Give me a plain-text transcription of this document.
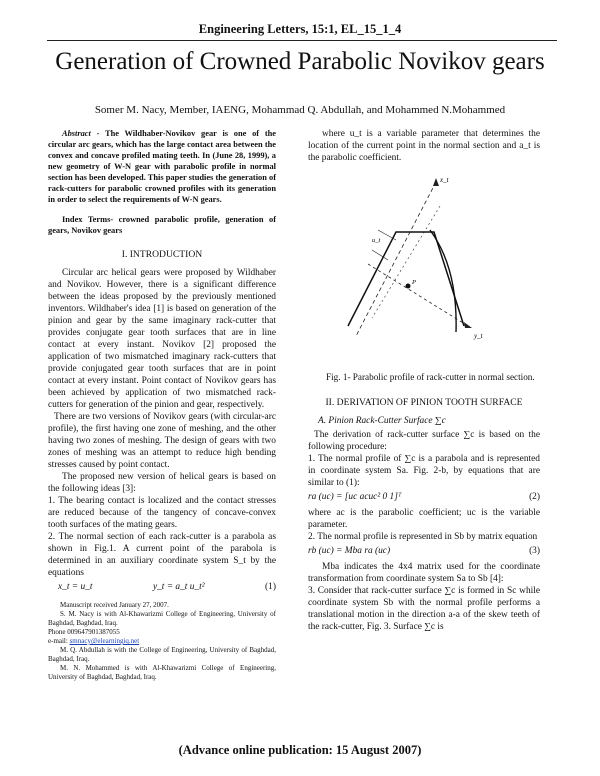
Engineering Letters, 15:1, EL_15_1_4
Generation of Crowned Parabolic Novikov gears
Somer M. Nacy, Member, IAENG, Mohammad Q. Abdullah, and Mohammed N.Mohammed

Abstract - The Wildhaber-Novikov gear is one of the circular arc gears, which has the large contact area between the convex and concave profiled mating teeth. In (June 28, 1999), a new geometry of W-N gear with parabolic profile in normal section has been developed. This paper studies the generation of rack-cutters for parabolic crowned profiles with its generation in order to select the requirements of W-N gears.

Index Terms- crowned parabolic profile, generation of gears, Novikov gears

I. INTRODUCTION

Circular arc helical gears were proposed by Wildhaber and Novikov. However, there is a significant difference between the ideas proposed by the previously mentioned inventors. Wildhaber's idea [1] is based on generation of the pinion and gear by the same imaginary rack-cutter that provides conjugate gear tooth surfaces that are in line contact at every instant. Novikov [2] proposed the application of two mismatched imaginary rack-cutters that provide conjugated gear tooth surfaces that are in point contact at every instant. Point contact of Novikov gears has been achieved by application of two mismatched rack-cutters for generation of the pinion and gear, respectively.

There are two versions of Novikov gears (with circular-arc profile), the first having one zone of meshing, and the other having two zones of meshing. The design of gears with two zones of meshing was an attempt to reduce high bending stresses caused by point contact.

The proposed new version of helical gears is based on the following ideas [3]:

1. The bearing contact is localized and the contact stresses are reduced because of the tangency of concave-convex tooth surfaces of the mating gears.

2. The normal section of each rack-cutter is a parabola as shown in Fig.1. A current point of the parabola is determined in an auxiliary coordinate system S_t by the equations

x_t = u_t	y_t = a_t u_t²	(1)

Manuscript received January 27, 2007.

S. M. Nacy is with Al-Khawarizmi College of Engineering, University of Baghdad, Baghdad, Iraq.

Phone 009647901387055

e-mail: smnacy@elearningiq.net

M. Q. Abdullah is with the College of Engineering, University of Baghdad, Baghdad, Iraq.

M. N. Mohammed is with Al-Khawarizmi College of Engineering, University of Baghdad, Baghdad, Iraq.

where u_t is a variable parameter that determines the location of the current point in the normal section and a_t is the parabolic coefficient.

x_t
y_t
u_t
P

Fig. 1- Parabolic profile of rack-cutter in normal section.

II. DERIVATION OF PINION TOOTH SURFACE

A. Pinion Rack-Cutter Surface ∑c

The derivation of rack-cutter surface ∑c is based on the following procedure:

1. The normal profile of ∑c is a parabola and is represented in coordinate system Sa. Fig. 2-b, by equations that are similar to (1):

ra (uc) = [uc acuc² 0 1]ᵀ	(2)

where ac is the parabolic coefficient; uc is the variable parameter.

2. The normal profile is represented in Sb by matrix equation

rb (uc) = Mba ra (uc)	(3)

Mba indicates the 4x4 matrix used for the coordinate transformation from coordinate system Sa to Sb [4]:

3. Consider that rack-cutter surface ∑c is formed in Sc while coordinate system Sb with the normal profile performs a translational motion in the direction a-a of the skew teeth of the rack-cutter, Fig. 3. Surface ∑c is

(Advance online publication: 15 August 2007)
